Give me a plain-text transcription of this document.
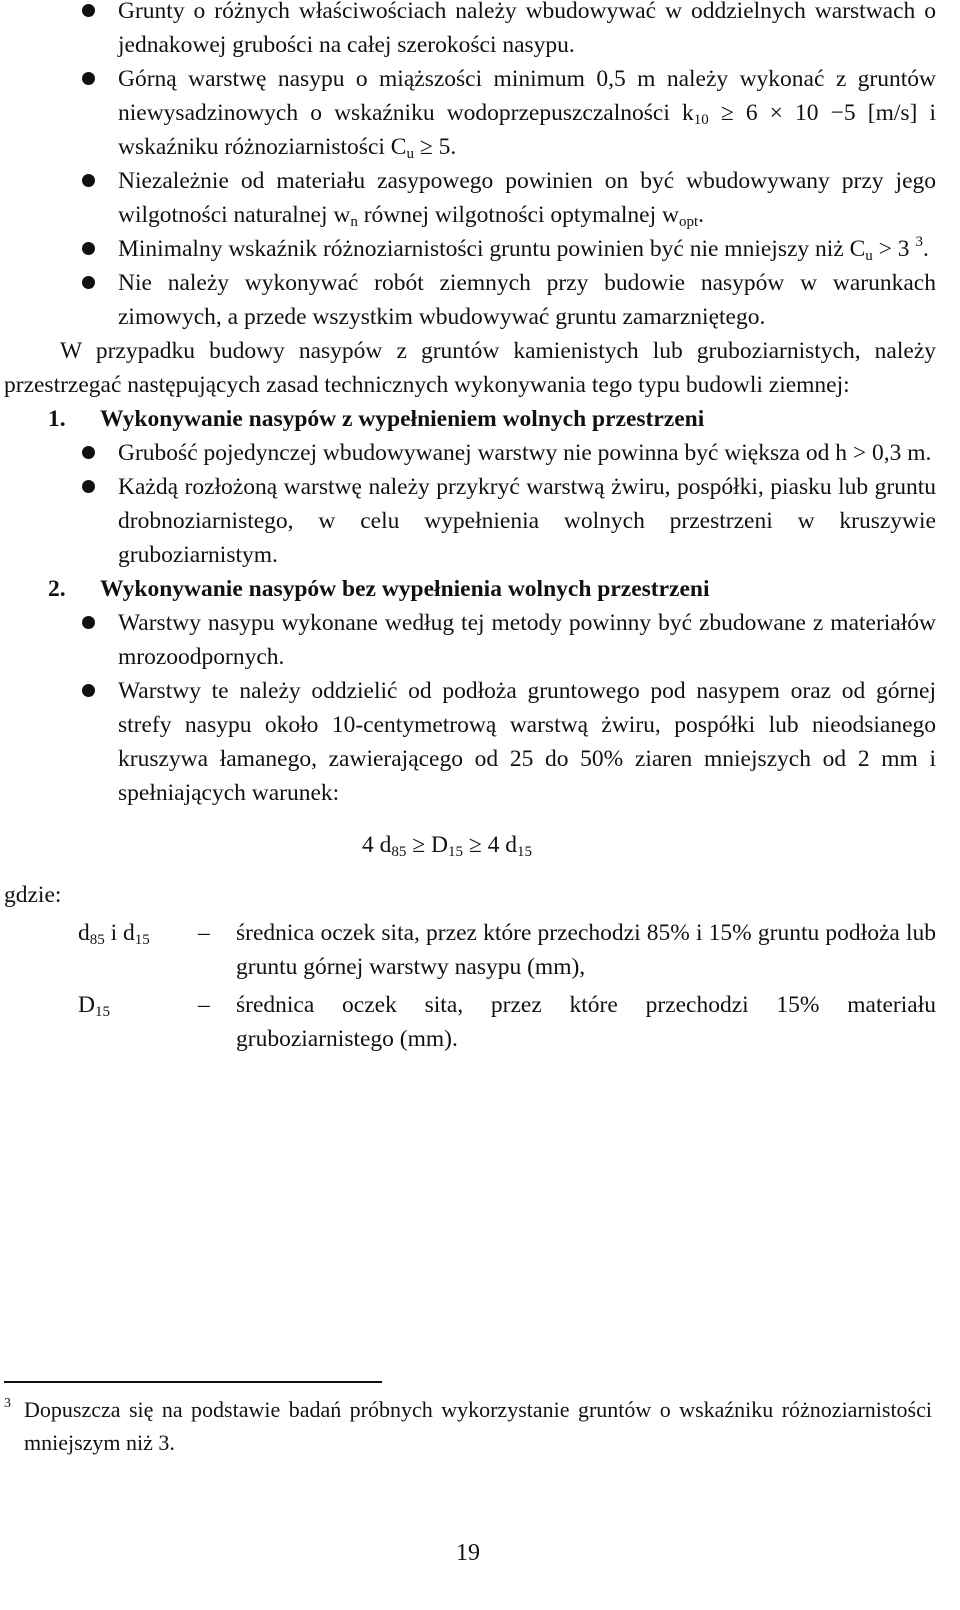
Grunty o różnych właściwościach należy wbudowywać w oddzielnych warstwach o jednakowej grubości na całej szerokości nasypu.
Górną warstwę nasypu o miąższości minimum 0,5 m należy wykonać z gruntów niewysadzinowych o wskaźniku wodoprzepuszczalności $k_{10} \ge 6 \times 10 -5$ [m/s] i wskaźniku różnoziarnistości $C_u \ge 5$.
Niezależnie od materiału zasypowego powinien on być wbudowywany przy jego wilgotności naturalnej $w_n$ równej wilgotności optymalnej $w_{opt}$.
Minimalny wskaźnik różnoziarnistości gruntu powinien być nie mniejszy niż $C_u > 3$ $^3$.
Nie należy wykonywać robót ziemnych przy budowie nasypów w warunkach zimowych, a przede wszystkim wbudowywać gruntu zamarzniętego.
W przypadku budowy nasypów z gruntów kamienistych lub gruboziarnistych, należy przestrzegać następujących zasad technicznych wykonywania tego typu budowli ziemnej:
1.	Wykonywanie nasypów z wypełnieniem wolnych przestrzeni
Grubość pojedynczej wbudowywanej warstwy nie powinna być większa od h > 0,3 m.
Każdą rozłożoną warstwę należy przykryć warstwą żwiru, pospółki, piasku lub gruntu drobnoziarnistego, w celu wypełnienia wolnych przestrzeni w kruszywie gruboziarnistym.
2.	Wykonywanie nasypów bez wypełnienia wolnych przestrzeni
Warstwy nasypu wykonane według tej metody powinny być zbudowane z materiałów mrozoodpornych.
Warstwy te należy oddzielić od podłoża gruntowego pod nasypem oraz od górnej strefy nasypu około 10-centymetrową warstwą żwiru, pospółki lub nieodsianego kruszywa łamanego, zawierającego od 25 do 50% ziaren mniejszych od 2 mm i spełniających warunek:
4 $d_{85} \ge D_{15} \ge 4$ $d_{15}$
gdzie:
$d_{85}$ i $d_{15}$	–	średnica oczek sita, przez które przechodzi 85% i 15% gruntu podłoża lub gruntu górnej warstwy nasypu (mm),
$D_{15}$	–	średnica oczek sita, przez które przechodzi 15% materiału gruboziarnistego (mm).
3 Dopuszcza się na podstawie badań próbnych wykorzystanie gruntów o wskaźniku różnoziarnistości mniejszym niż 3.
19
